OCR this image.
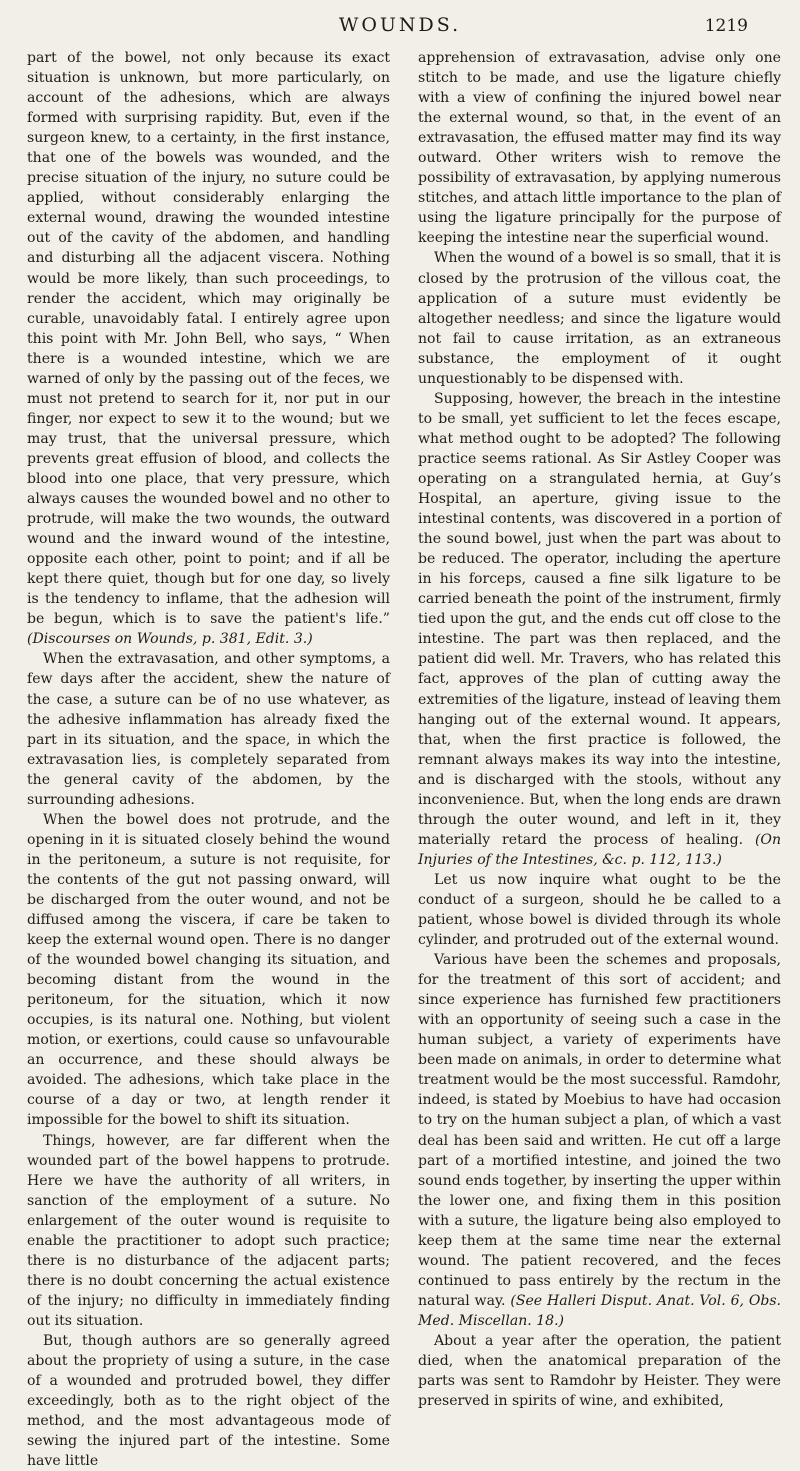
WOUNDS.	1219

part of the bowel, not only because its exact situation is unknown, but more particularly, on account of the adhesions, which are always formed with surprising rapidity. But, even if the surgeon knew, to a certainty, in the first instance, that one of the bowels was wounded, and the precise situation of the injury, no suture could be applied, without considerably enlarging the external wound, drawing the wounded intestine out of the cavity of the abdomen, and handling and disturbing all the adjacent viscera. Nothing would be more likely, than such proceedings, to render the accident, which may originally be curable, unavoidably fatal. I entirely agree upon this point with Mr. John Bell, who says, “ When there is a wounded intestine, which we are warned of only by the passing out of the feces, we must not pretend to search for it, nor put in our finger, nor expect to sew it to the wound; but we may trust, that the universal pressure, which prevents great effusion of blood, and collects the blood into one place, that very pressure, which always causes the wounded bowel and no other to protrude, will make the two wounds, the outward wound and the inward wound of the intestine, opposite each other, point to point; and if all be kept there quiet, though but for one day, so lively is the tendency to inflame, that the adhesion will be begun, which is to save the patient's life.” (Discourses on Wounds, p. 381, Edit. 3.)

When the extravasation, and other symptoms, a few days after the accident, shew the nature of the case, a suture can be of no use whatever, as the adhesive inflammation has already fixed the part in its situation, and the space, in which the extravasation lies, is completely separated from the general cavity of the abdomen, by the surrounding adhesions.

When the bowel does not protrude, and the opening in it is situated closely behind the wound in the peritoneum, a suture is not requisite, for the contents of the gut not passing onward, will be discharged from the outer wound, and not be diffused among the viscera, if care be taken to keep the external wound open. There is no danger of the wounded bowel changing its situation, and becoming distant from the wound in the peritoneum, for the situation, which it now occupies, is its natural one. Nothing, but violent motion, or exertions, could cause so unfavourable an occurrence, and these should always be avoided. The adhesions, which take place in the course of a day or two, at length render it impossible for the bowel to shift its situation.

Things, however, are far different when the wounded part of the bowel happens to protrude. Here we have the authority of all writers, in sanction of the employment of a suture. No enlargement of the outer wound is requisite to enable the practitioner to adopt such practice; there is no disturbance of the adjacent parts; there is no doubt concerning the actual existence of the injury; no difficulty in immediately finding out its situation.

But, though authors are so generally agreed about the propriety of using a suture, in the case of a wounded and protruded bowel, they differ exceedingly, both as to the right object of the method, and the most advantageous mode of sewing the injured part of the intestine. Some have little

apprehension of extravasation, advise only one stitch to be made, and use the ligature chiefly with a view of confining the injured bowel near the external wound, so that, in the event of an extravasation, the effused matter may find its way outward. Other writers wish to remove the possibility of extravasation, by applying numerous stitches, and attach little importance to the plan of using the ligature principally for the purpose of keeping the intestine near the superficial wound.

When the wound of a bowel is so small, that it is closed by the protrusion of the villous coat, the application of a suture must evidently be altogether needless; and since the ligature would not fail to cause irritation, as an extraneous substance, the employment of it ought unquestionably to be dispensed with.

Supposing, however, the breach in the intestine to be small, yet sufficient to let the feces escape, what method ought to be adopted? The following practice seems rational. As Sir Astley Cooper was operating on a strangulated hernia, at Guy’s Hospital, an aperture, giving issue to the intestinal contents, was discovered in a portion of the sound bowel, just when the part was about to be reduced. The operator, including the aperture in his forceps, caused a fine silk ligature to be carried beneath the point of the instrument, firmly tied upon the gut, and the ends cut off close to the intestine. The part was then replaced, and the patient did well. Mr. Travers, who has related this fact, approves of the plan of cutting away the extremities of the ligature, instead of leaving them hanging out of the external wound. It appears, that, when the first practice is followed, the remnant always makes its way into the intestine, and is discharged with the stools, without any inconvenience. But, when the long ends are drawn through the outer wound, and left in it, they materially retard the process of healing. (On Injuries of the Intestines, &c. p. 112, 113.)

Let us now inquire what ought to be the conduct of a surgeon, should he be called to a patient, whose bowel is divided through its whole cylinder, and protruded out of the external wound.

Various have been the schemes and proposals, for the treatment of this sort of accident; and since experience has furnished few practitioners with an opportunity of seeing such a case in the human subject, a variety of experiments have been made on animals, in order to determine what treatment would be the most successful. Ramdohr, indeed, is stated by Moebius to have had occasion to try on the human subject a plan, of which a vast deal has been said and written. He cut off a large part of a mortified intestine, and joined the two sound ends together, by inserting the upper within the lower one, and fixing them in this position with a suture, the ligature being also employed to keep them at the same time near the external wound. The patient recovered, and the feces continued to pass entirely by the rectum in the natural way. (See Halleri Disput. Anat. Vol. 6, Obs. Med. Miscellan. 18.)

About a year after the operation, the patient died, when the anatomical preparation of the parts was sent to Ramdohr by Heister. They were preserved in spirits of wine, and exhibited,
